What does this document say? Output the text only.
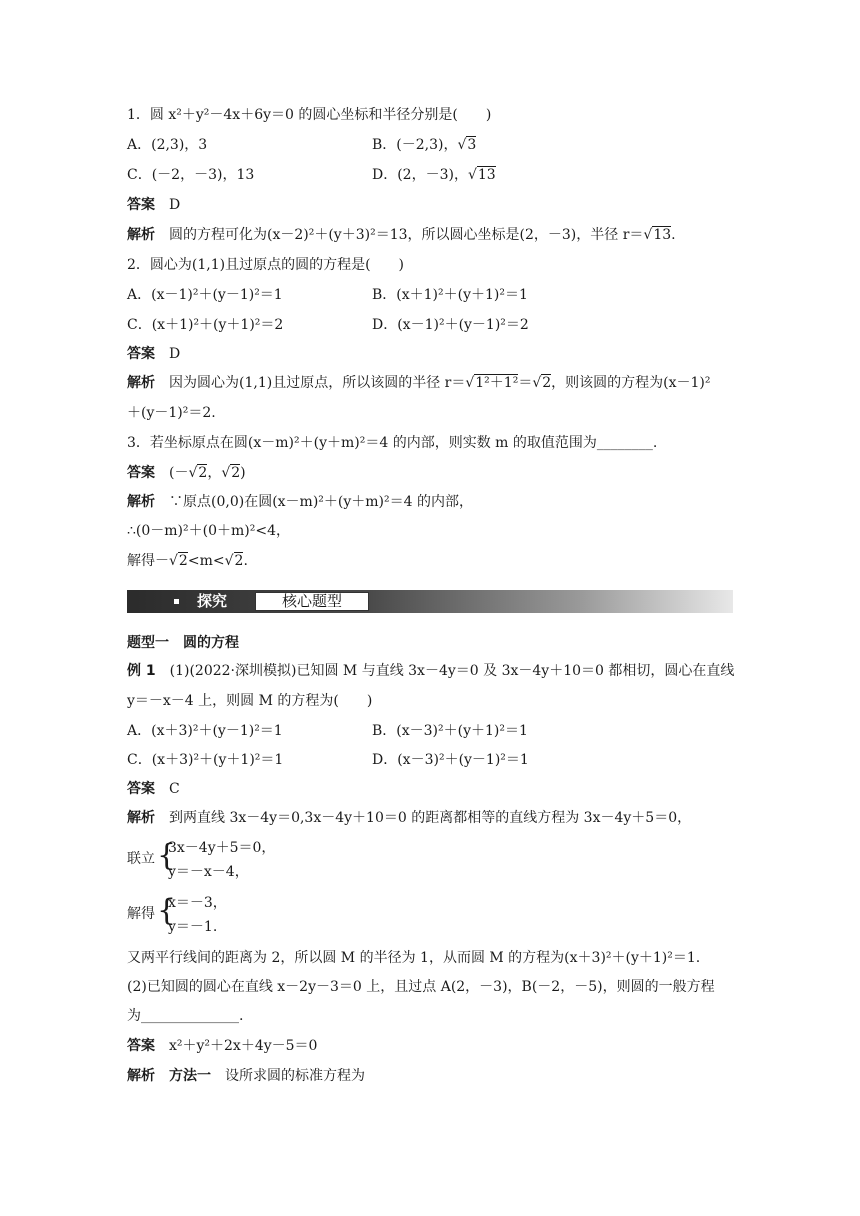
1．圆 x²＋y²－4x＋6y＝0 的圆心坐标和半径分别是(　　)
A．(2,3)，3	B．(－2,3)，√3
C．(－2，－3)，13	D．(2，－3)，√13
答案　 D
解析　 圆的方程可化为(x－2)²＋(y＋3)²＝13，所以圆心坐标是(2，－3)，半径 r＝√13.
2．圆心为(1,1)且过原点的圆的方程是(　　)
A．(x－1)²＋(y－1)²＝1	B．(x＋1)²＋(y＋1)²＝1
C．(x＋1)²＋(y＋1)²＝2	D．(x－1)²＋(y－1)²＝2
答案　 D
解析　 因为圆心为(1,1)且过原点，所以该圆的半径 r＝√1²＋1²＝√2，则该圆的方程为(x－1)²
＋(y－1)²＝2.
3．若坐标原点在圆(x－m)²＋(y＋m)²＝4 的内部，则实数 m 的取值范围为________.
答案　 (－√2，√2)
解析　 ∵原点(0,0)在圆(x－m)²＋(y＋m)²＝4 的内部，
∴(0－m)²＋(0＋m)²<4，
解得－√2<m<√2.
探究	核心题型
题型一　圆的方程
例 1　 (1)(2022·深圳模拟)已知圆 M 与直线 3x－4y＝0 及 3x－4y＋10＝0 都相切，圆心在直线
y＝－x－4 上，则圆 M 的方程为(　　)
A．(x＋3)²＋(y－1)²＝1	B．(x－3)²＋(y＋1)²＝1
C．(x＋3)²＋(y＋1)²＝1	D．(x－3)²＋(y－1)²＝1
答案　 C
解析　 到两直线 3x－4y＝0,3x－4y＋10＝0 的距离都相等的直线方程为 3x－4y＋5＝0，
联立 {
3x－4y＋5＝0，
y＝－x－4，
解得 {
x＝－3，
y＝－1.
又两平行线间的距离为 2，所以圆 M 的半径为 1，从而圆 M 的方程为(x＋3)²＋(y＋1)²＝1.
(2)已知圆的圆心在直线 x－2y－3＝0 上，且过点 A(2，－3)，B(－2，－5)，则圆的一般方程
为______________.
答案　 x²＋y²＋2x＋4y－5＝0
解析　 方法一　 设所求圆的标准方程为
